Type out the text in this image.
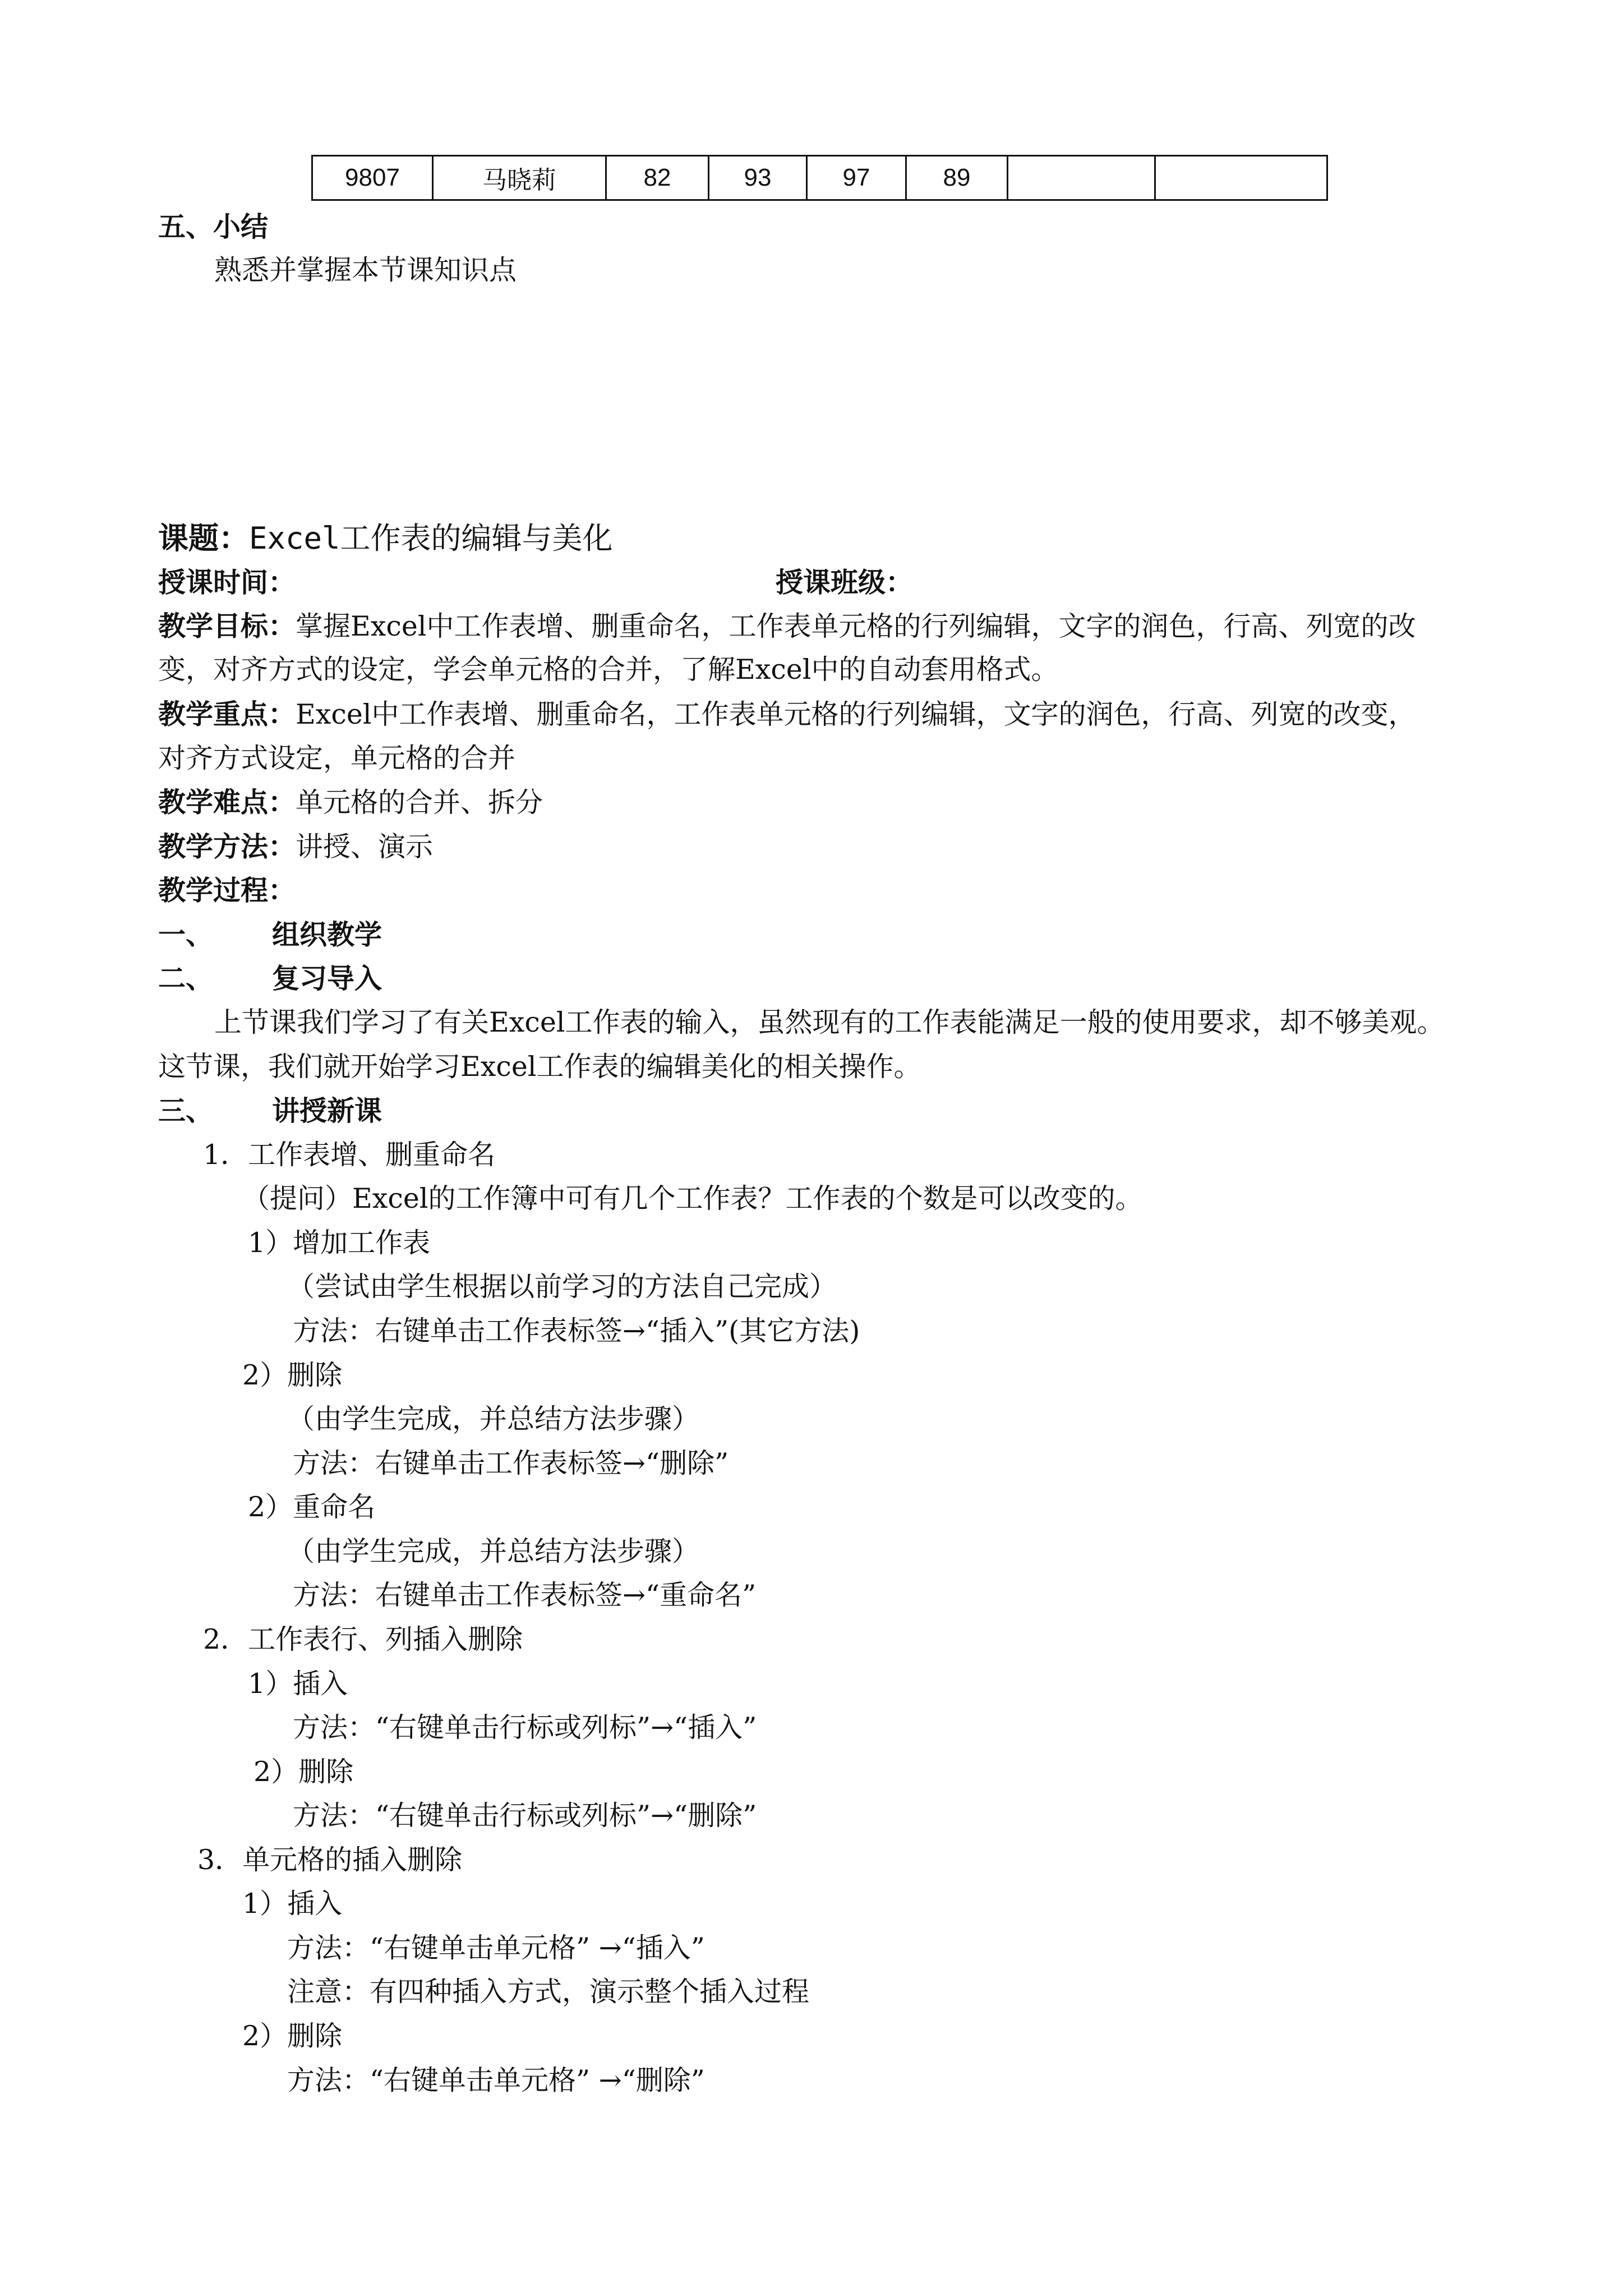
9807	马晓莉	82	93	97	89		
五、小结
熟悉并掌握本节课知识点
课题：Excel工作表的编辑与美化
授课时间：	授课班级：
教学目标：掌握Excel中工作表增、删重命名，工作表单元格的行列编辑，文字的润色，行高、列宽的改
变，对齐方式的设定，学会单元格的合并，了解Excel中的自动套用格式。
教学重点：Excel中工作表增、删重命名，工作表单元格的行列编辑，文字的润色，行高、列宽的改变，
对齐方式设定，单元格的合并
教学难点：单元格的合并、拆分
教学方法：讲授、演示
教学过程：
一、 组织教学
二、 复习导入
上节课我们学习了有关Excel工作表的输入，虽然现有的工作表能满足一般的使用要求，却不够美观。
这节课，我们就开始学习Excel工作表的编辑美化的相关操作。
三、 讲授新课
1．工作表增、删重命名
（提问）Excel的工作簿中可有几个工作表？工作表的个数是可以改变的。
1）增加工作表
（尝试由学生根据以前学习的方法自己完成）
方法：右键单击工作表标签→“插入”(其它方法)
2）删除
（由学生完成，并总结方法步骤）
方法：右键单击工作表标签→“删除”
2）重命名
（由学生完成，并总结方法步骤）
方法：右键单击工作表标签→“重命名”
2．工作表行、列插入删除
1）插入
方法：“右键单击行标或列标”→“插入”
2）删除
方法：“右键单击行标或列标”→“删除”
3．单元格的插入删除
1）插入
方法：“右键单击单元格” →“插入”
注意：有四种插入方式，演示整个插入过程
2）删除
方法：“右键单击单元格” →“删除”
